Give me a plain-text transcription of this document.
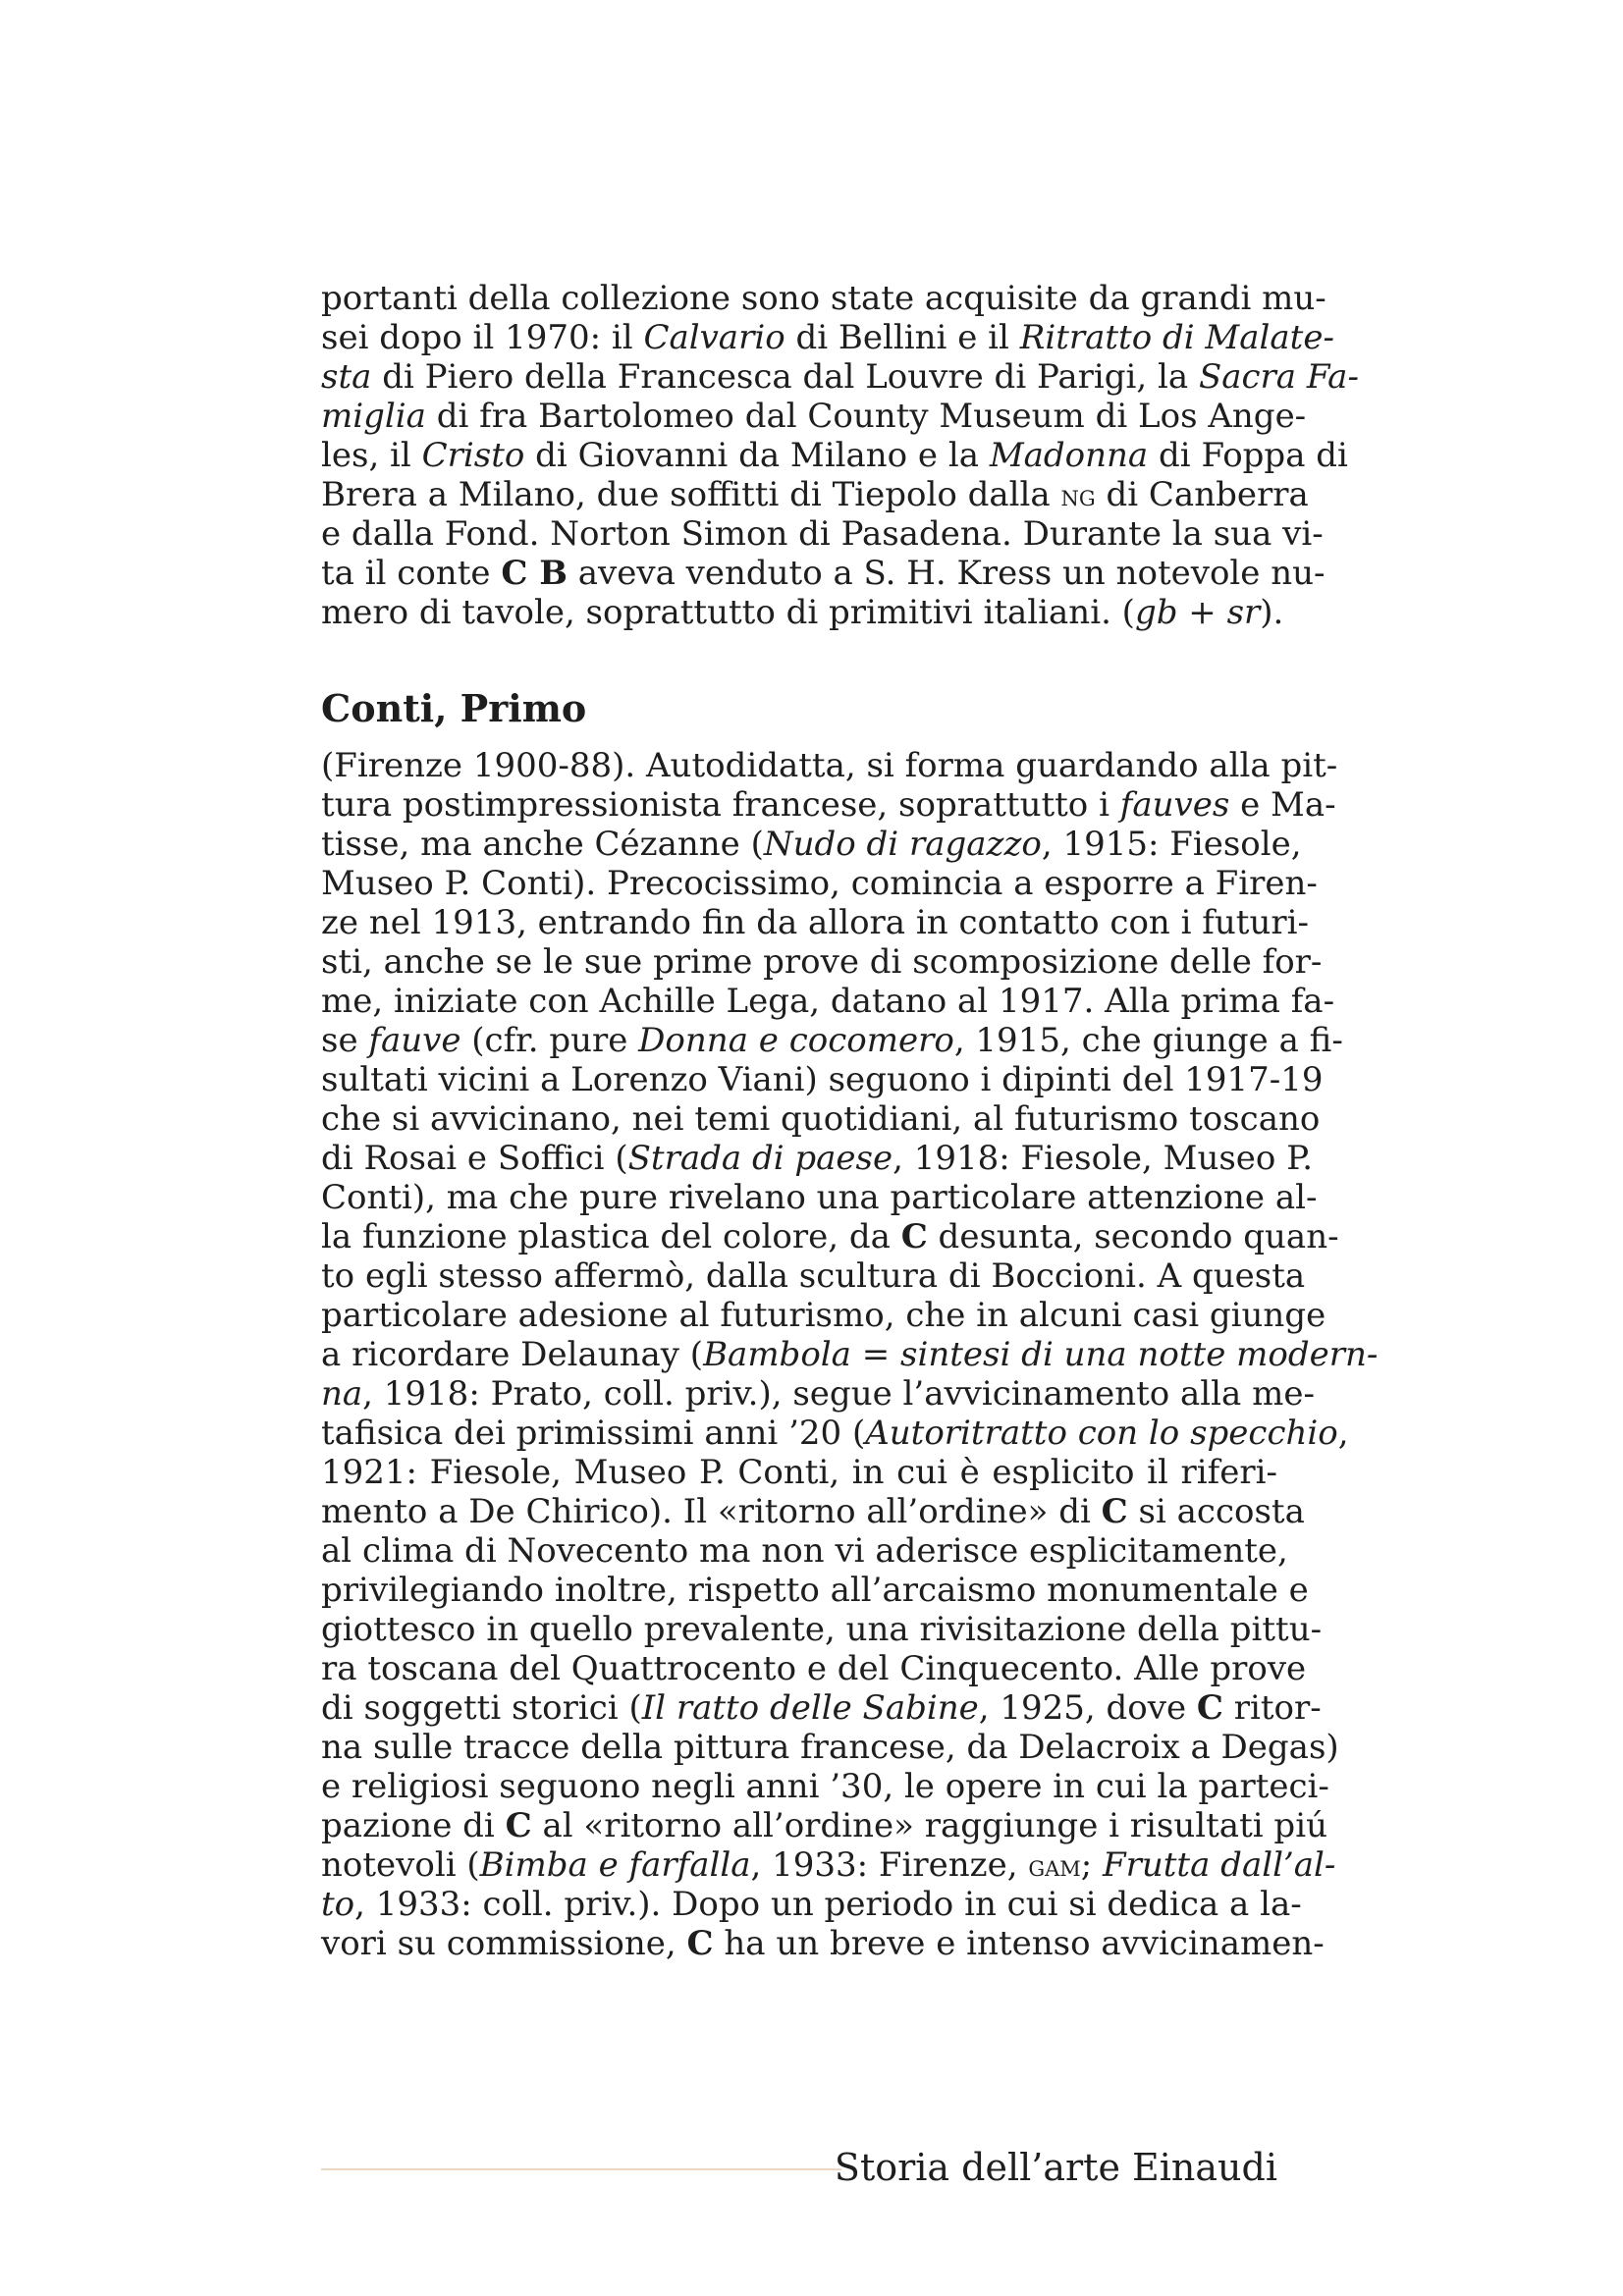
portanti della collezione sono state acquisite da grandi mu-
sei dopo il 1970: il Calvario di Bellini e il Ritratto di Malate-
sta di Piero della Francesca dal Louvre di Parigi, la Sacra Fa-
miglia di fra Bartolomeo dal County Museum di Los Ange-
les, il Cristo di Giovanni da Milano e la Madonna di Foppa di
Brera a Milano, due soffitti di Tiepolo dalla ng di Canberra
e dalla Fond. Norton Simon di Pasadena. Durante la sua vi-
ta il conte C B aveva venduto a S. H. Kress un notevole nu-
mero di tavole, soprattutto di primitivi italiani. (gb + sr).
Conti, Primo
(Firenze 1900-88). Autodidatta, si forma guardando alla pit-
tura postimpressionista francese, soprattutto i fauves e Ma-
tisse, ma anche Cézanne (Nudo di ragazzo, 1915: Fiesole,
Museo P. Conti). Precocissimo, comincia a esporre a Firen-
ze nel 1913, entrando fin da allora in contatto con i futuri-
sti, anche se le sue prime prove di scomposizione delle for-
me, iniziate con Achille Lega, datano al 1917. Alla prima fa-
se fauve (cfr. pure Donna e cocomero, 1915, che giunge a fi-
sultati vicini a Lorenzo Viani) seguono i dipinti del 1917-19
che si avvicinano, nei temi quotidiani, al futurismo toscano
di Rosai e Soffici (Strada di paese, 1918: Fiesole, Museo P.
Conti), ma che pure rivelano una particolare attenzione al-
la funzione plastica del colore, da C desunta, secondo quan-
to egli stesso affermò, dalla scultura di Boccioni. A questa
particolare adesione al futurismo, che in alcuni casi giunge
a ricordare Delaunay (Bambola = sintesi di una notte modern-
na, 1918: Prato, coll. priv.), segue l’avvicinamento alla me-
tafisica dei primissimi anni ’20 (Autoritratto con lo specchio,
1921: Fiesole, Museo P. Conti, in cui è esplicito il riferi-
mento a De Chirico). Il «ritorno all’ordine» di C si accosta
al clima di Novecento ma non vi aderisce esplicitamente,
privilegiando inoltre, rispetto all’arcaismo monumentale e
giottesco in quello prevalente, una rivisitazione della pittu-
ra toscana del Quattrocento e del Cinquecento. Alle prove
di soggetti storici (Il ratto delle Sabine, 1925, dove C ritor-
na sulle tracce della pittura francese, da Delacroix a Degas)
e religiosi seguono negli anni ’30, le opere in cui la parteci-
pazione di C al «ritorno all’ordine» raggiunge i risultati piú
notevoli (Bimba e farfalla, 1933: Firenze, gam; Frutta dall’al-
to, 1933: coll. priv.). Dopo un periodo in cui si dedica a la-
vori su commissione, C ha un breve e intenso avvicinamen-
Storia dell’arte Einaudi
